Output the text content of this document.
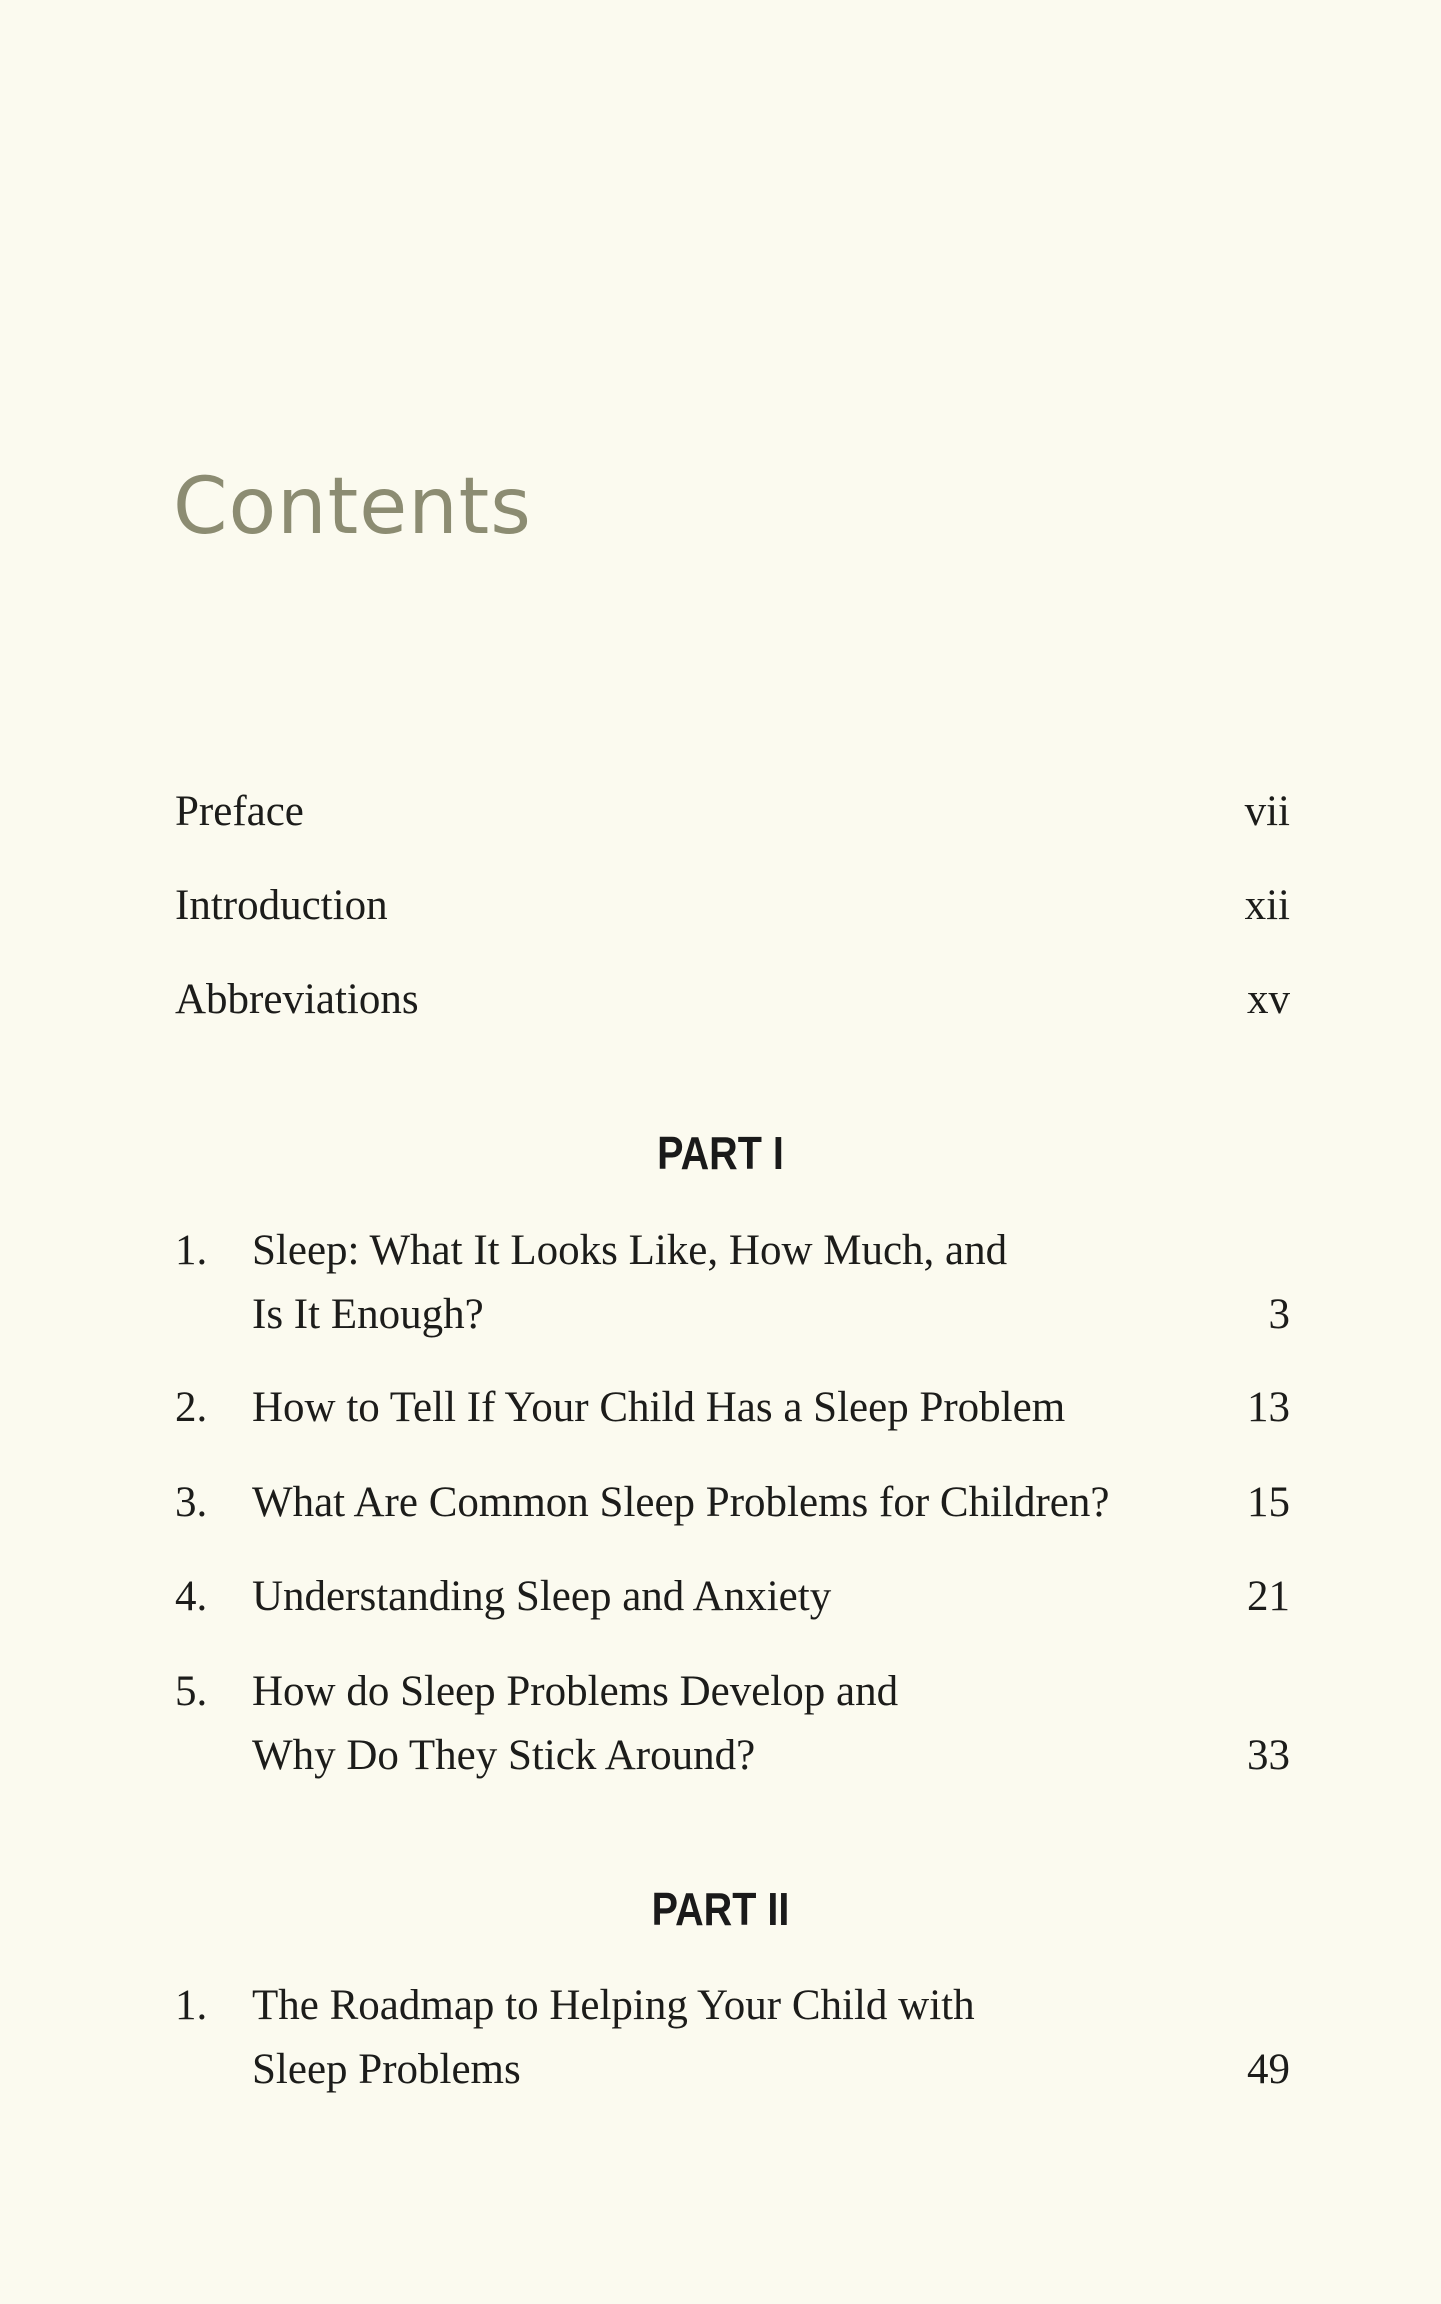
Contents
Preface	vii
Introduction	xii
Abbreviations	xv
PART I
1. Sleep: What It Looks Like, How Much, and
Is It Enough?	3
2. How to Tell If Your Child Has a Sleep Problem	13
3. What Are Common Sleep Problems for Children?	15
4. Understanding Sleep and Anxiety	21
5. How do Sleep Problems Develop and
Why Do They Stick Around?	33
PART II
1. The Roadmap to Helping Your Child with
Sleep Problems	49
